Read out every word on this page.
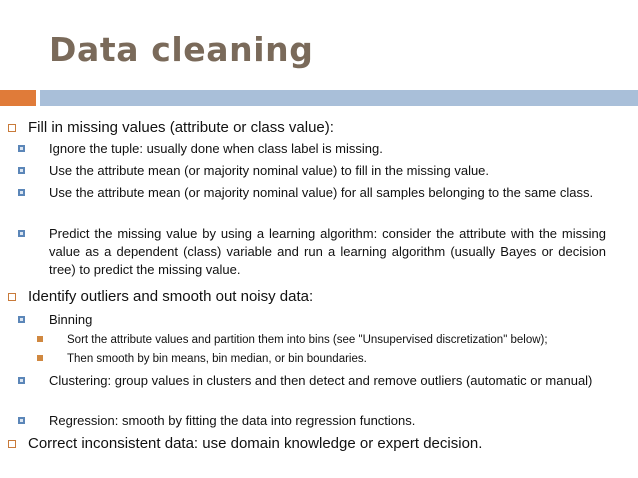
Data cleaning
Fill in missing values (attribute or class value):
Ignore the tuple: usually done when class label is missing.
Use the attribute mean (or majority nominal value) to fill in the missing value.
Use the attribute mean (or majority nominal value) for all samples belonging to the same class.
Predict the missing value by using a learning algorithm: consider the attribute with the missing value as a dependent (class) variable and run a learning algorithm (usually Bayes or decision tree) to predict the missing value.
Identify outliers and smooth out noisy data:
Binning
Sort the attribute values and partition them into bins (see "Unsupervised discretization" below);
Then smooth by bin means, bin median, or bin boundaries.
Clustering: group values in clusters and then detect and remove outliers (automatic or manual)
Regression: smooth by fitting the data into regression functions.
Correct inconsistent data: use domain knowledge or expert decision.
